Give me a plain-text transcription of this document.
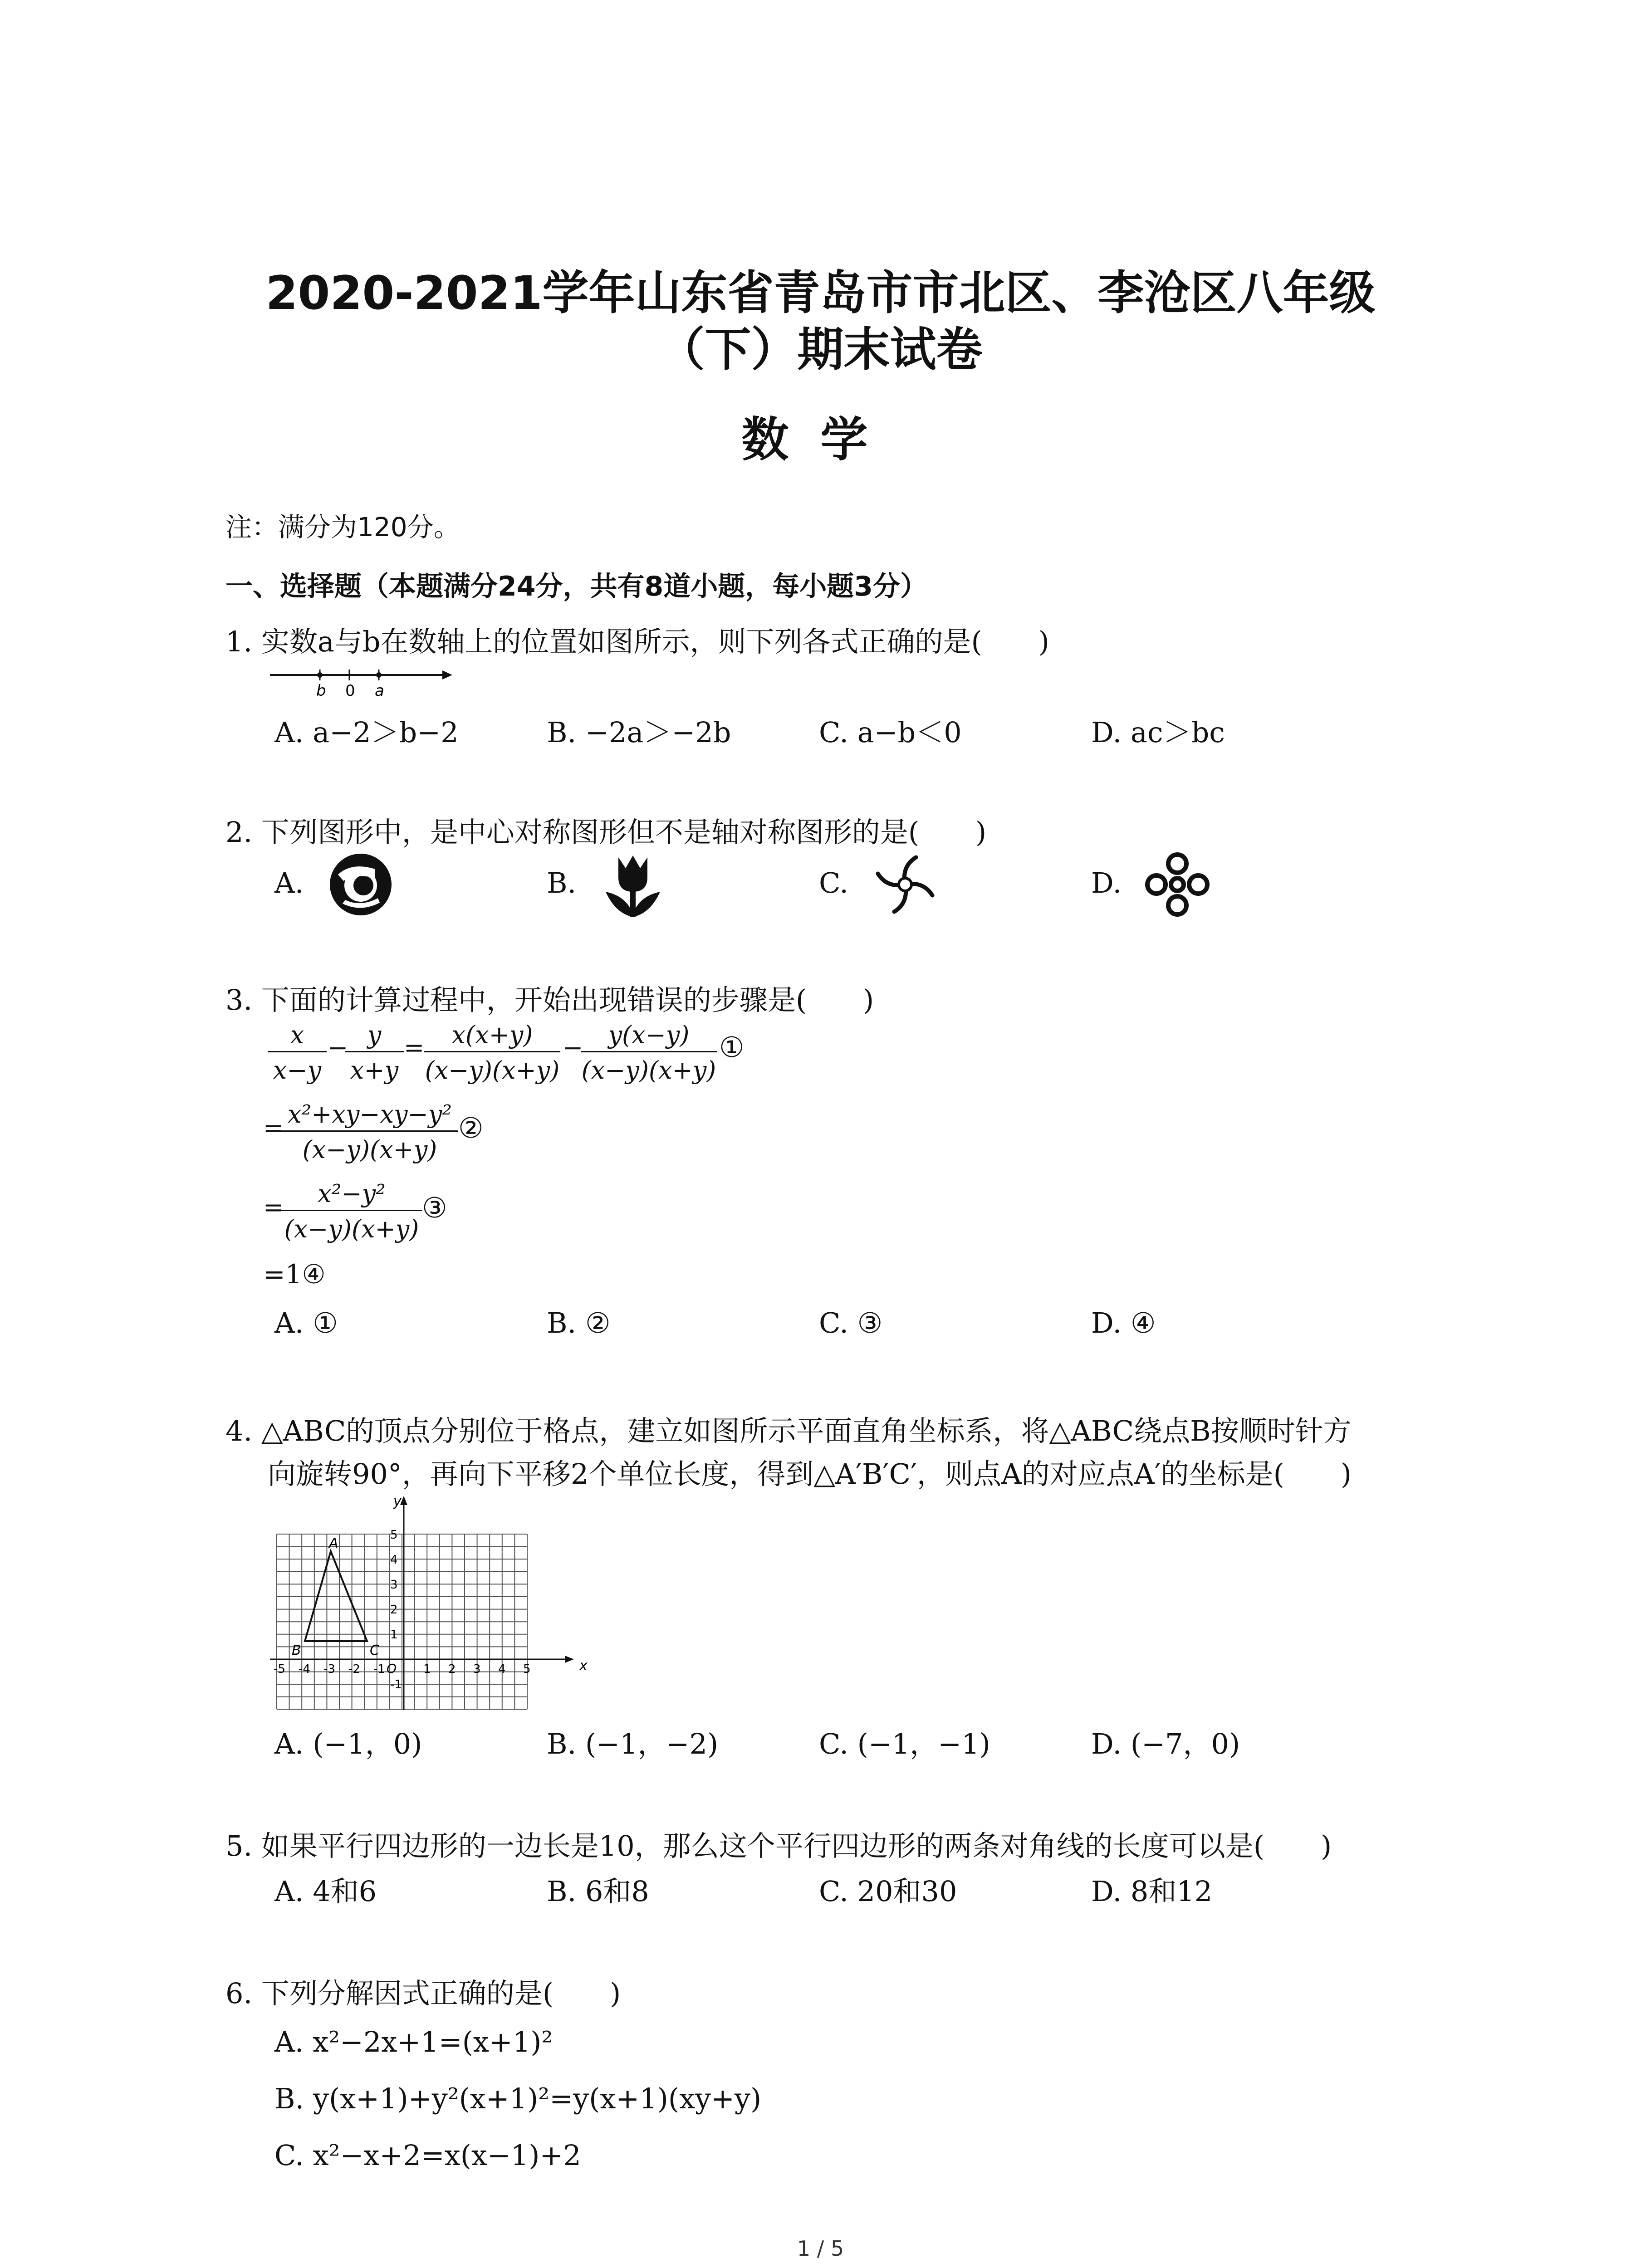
2020-2021学年山东省青岛市市北区、李沧区八年级
（下）期末试卷
数学
注：满分为120分。
一、选择题（本题满分24分，共有8道小题，每小题3分）
1. 实数a与b在数轴上的位置如图所示，则下列各式正确的是(　　)
b 0 a
A. a−2＞b−2	B. −2a＞−2b	C. a−b＜0	D. ac＞bc
2. 下列图形中，是中心对称图形但不是轴对称图形的是(　　)
A.	B.	C.	D.
3. 下面的计算过程中，开始出现错误的步骤是(　　)
$\frac{x}{x-y}$ −
$\frac{y}{x+y} = \frac{x(x+y)}{(x-y)(x+y)}$ −
$\frac{y(x-y)}{(x-y)(x+y)}$ ①
=
$\frac{\text{x²+xy−xy−y²}}{(x-y)(x+y)}$ ②
=
$\frac{\text{x²−y²}}{(x-y)(x+y)}$ ③
=1④
A. ①	B. ②	C. ③	D. ④
4. △ABC的顶点分别位于格点，建立如图所示平面直角坐标系，将△ABC绕点B按顺时针方
向旋转90°，再向下平移2个单位长度，得到△A′B′C′，则点A的对应点A′的坐标是(　　)
x
y
O
A
B	C
-5 -4 -3 -2 -1	1 2 3 4 5
5
4
3
2
1
-1
A. (−1，0)	B. (−1，−2)	C. (−1，−1)	D. (−7，0)
5. 如果平行四边形的一边长是10，那么这个平行四边形的两条对角线的长度可以是(　　)
A. 4和6	B. 6和8	C. 20和30	D. 8和12
6. 下列分解因式正确的是(　　)
A. x²−2x+1=(x+1)²
B. y(x+1)+y²(x+1)²=y(x+1)(xy+y)
C. x²−x+2=x(x−1)+2
1 / 5
